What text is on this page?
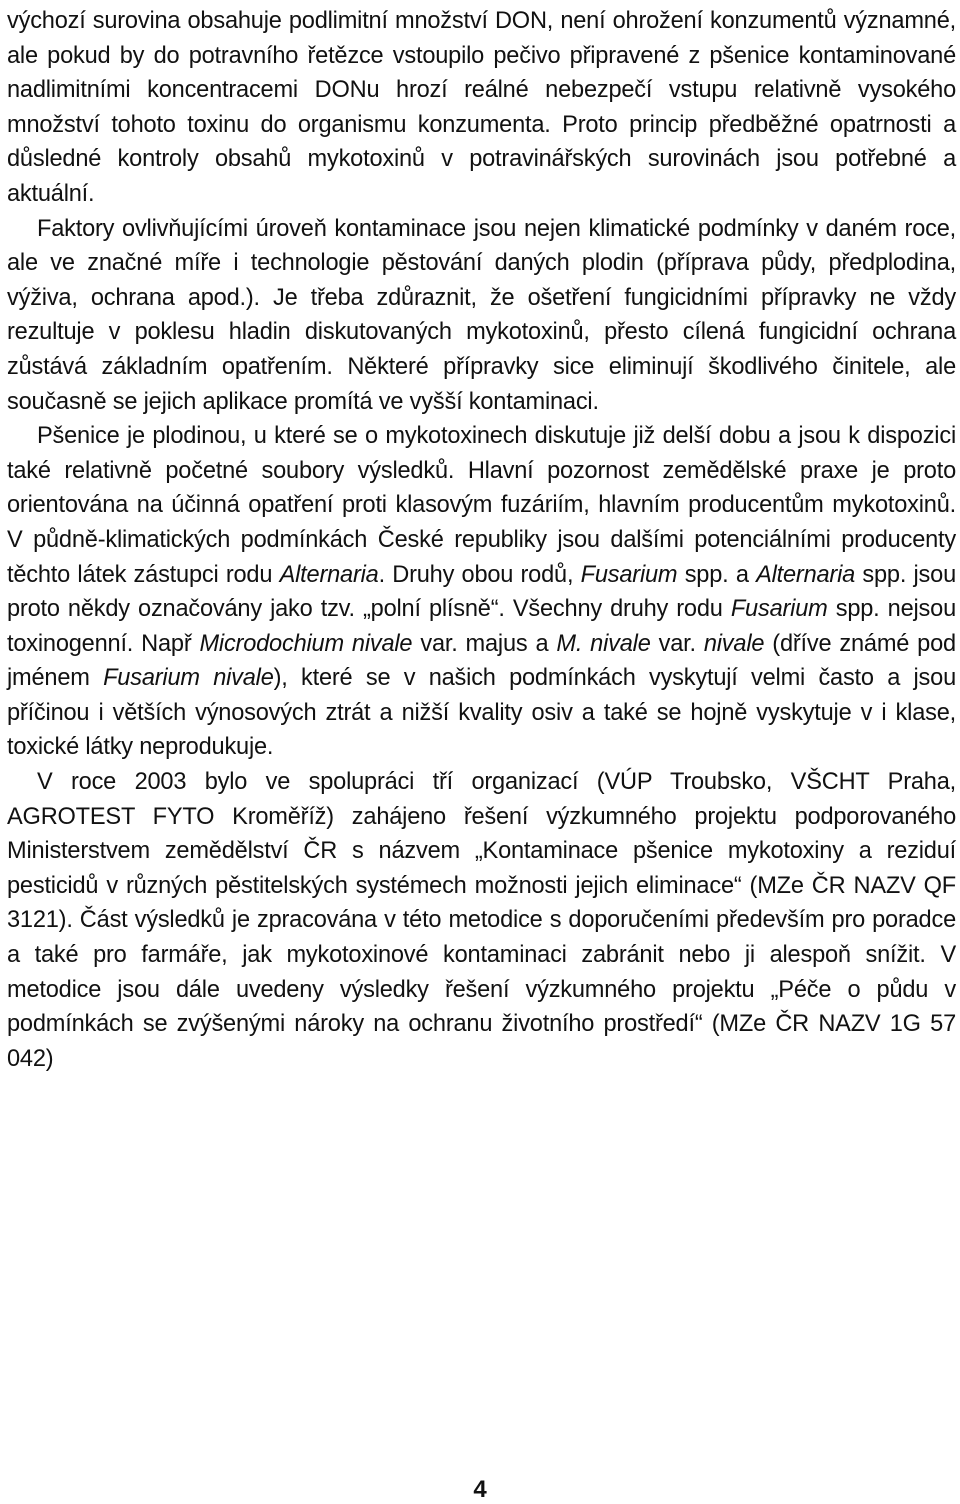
výchozí surovina obsahuje podlimitní množství DON, není ohrožení konzumentů významné, ale pokud by do potravního řetězce vstoupilo pečivo připravené z pšenice kontaminované nadlimitními koncentracemi DONu hrozí reálné nebezpečí vstupu relativně vysokého množství tohoto toxinu do organismu konzumenta. Proto princip předběžné opatrnosti a důsledné kontroly obsahů mykotoxinů v potravinářských surovinách jsou potřebné a aktuální.

Faktory ovlivňujícími úroveň kontaminace jsou nejen klimatické podmínky v daném roce, ale ve značné míře i technologie pěstování daných plodin (příprava půdy, předplodina, výživa, ochrana apod.). Je třeba zdůraznit, že ošetření fungicidními přípravky ne vždy rezultuje v poklesu hladin diskutovaných mykotoxinů, přesto cílená fungicidní ochrana zůstává základním opatřením. Některé přípravky sice eliminují škodlivého činitele, ale současně se jejich aplikace promítá ve vyšší kontaminaci.

Pšenice je plodinou, u které se o mykotoxinech diskutuje již delší dobu a jsou k dispozici také relativně početné soubory výsledků. Hlavní pozornost zemědělské praxe je proto orientována na účinná opatření proti klasovým fuzáriím, hlavním producentům mykotoxinů. V půdně-klimatických podmínkách České republiky jsou dalšími potenciálními producenty těchto látek zástupci rodu Alternaria. Druhy obou rodů, Fusarium spp. a Alternaria spp. jsou proto někdy označovány jako tzv. „polní plísně“. Všechny druhy rodu Fusarium spp. nejsou toxinogenní. Např Microdochium nivale var. majus a M. nivale var. nivale (dříve známé pod jménem Fusarium nivale), které se v našich podmínkách vyskytují velmi často a jsou příčinou i větších výnosových ztrát a nižší kvality osiv a také se hojně vyskytuje v i klase, toxické látky neprodukuje.

V roce 2003 bylo ve spolupráci tří organizací (VÚP Troubsko, VŠCHT Praha, AGROTEST FYTO Kroměříž) zahájeno řešení výzkumného projektu podporovaného Ministerstvem zemědělství ČR s názvem „Kontaminace pšenice mykotoxiny a reziduí pesticidů v různých pěstitelských systémech možnosti jejich eliminace“ (MZe ČR NAZV QF 3121). Část výsledků je zpracována v této metodice s doporučeními především pro poradce a také pro farmáře, jak mykotoxinové kontaminaci zabránit nebo ji alespoň snížit. V metodice jsou dále uvedeny výsledky řešení výzkumného projektu „Péče o půdu v podmínkách se zvýšenými nároky na ochranu životního prostředí“ (MZe ČR NAZV 1G 57 042)

4
